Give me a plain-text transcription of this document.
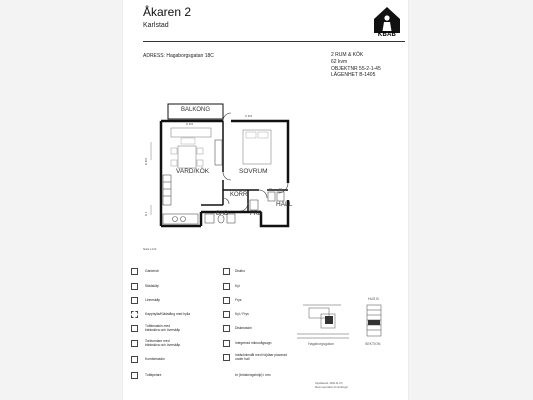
Åkaren 2
Karlstad
KBAB
ADRESS: Hagaborgsgatan 18C	2 RUM & KÖK
62 kvm
OBJEKTNR 55-2-1-45
LÄGENHET B-1405
BALKONG
VARD/KÖK	SOVRUM
KORR
BAD	FRD
HALL
br 600
br 800
br 800
br 0
SK	ST
Skala 1:100
Garderob
Städskåp
Linneskåp
Kapphylla/Klädstång med hylla
Tvättmaskin med bänkskiva och överskåp
Torktumlare med bänkskiva och överskåp
Kombimaskin
Tvättpelare
Diskho
Kyl
Frys
Kyl / Frys
Diskmaskin
Integrerad mikrovågsugn
Inbäckninstål med höjdbar placerad under hall
br (bröstningshöjd) i mm
Hagaborgsgatan
HUS B
SEKTION
Uppdaterad: 2020-11-XX
Med reservation för ändringar
